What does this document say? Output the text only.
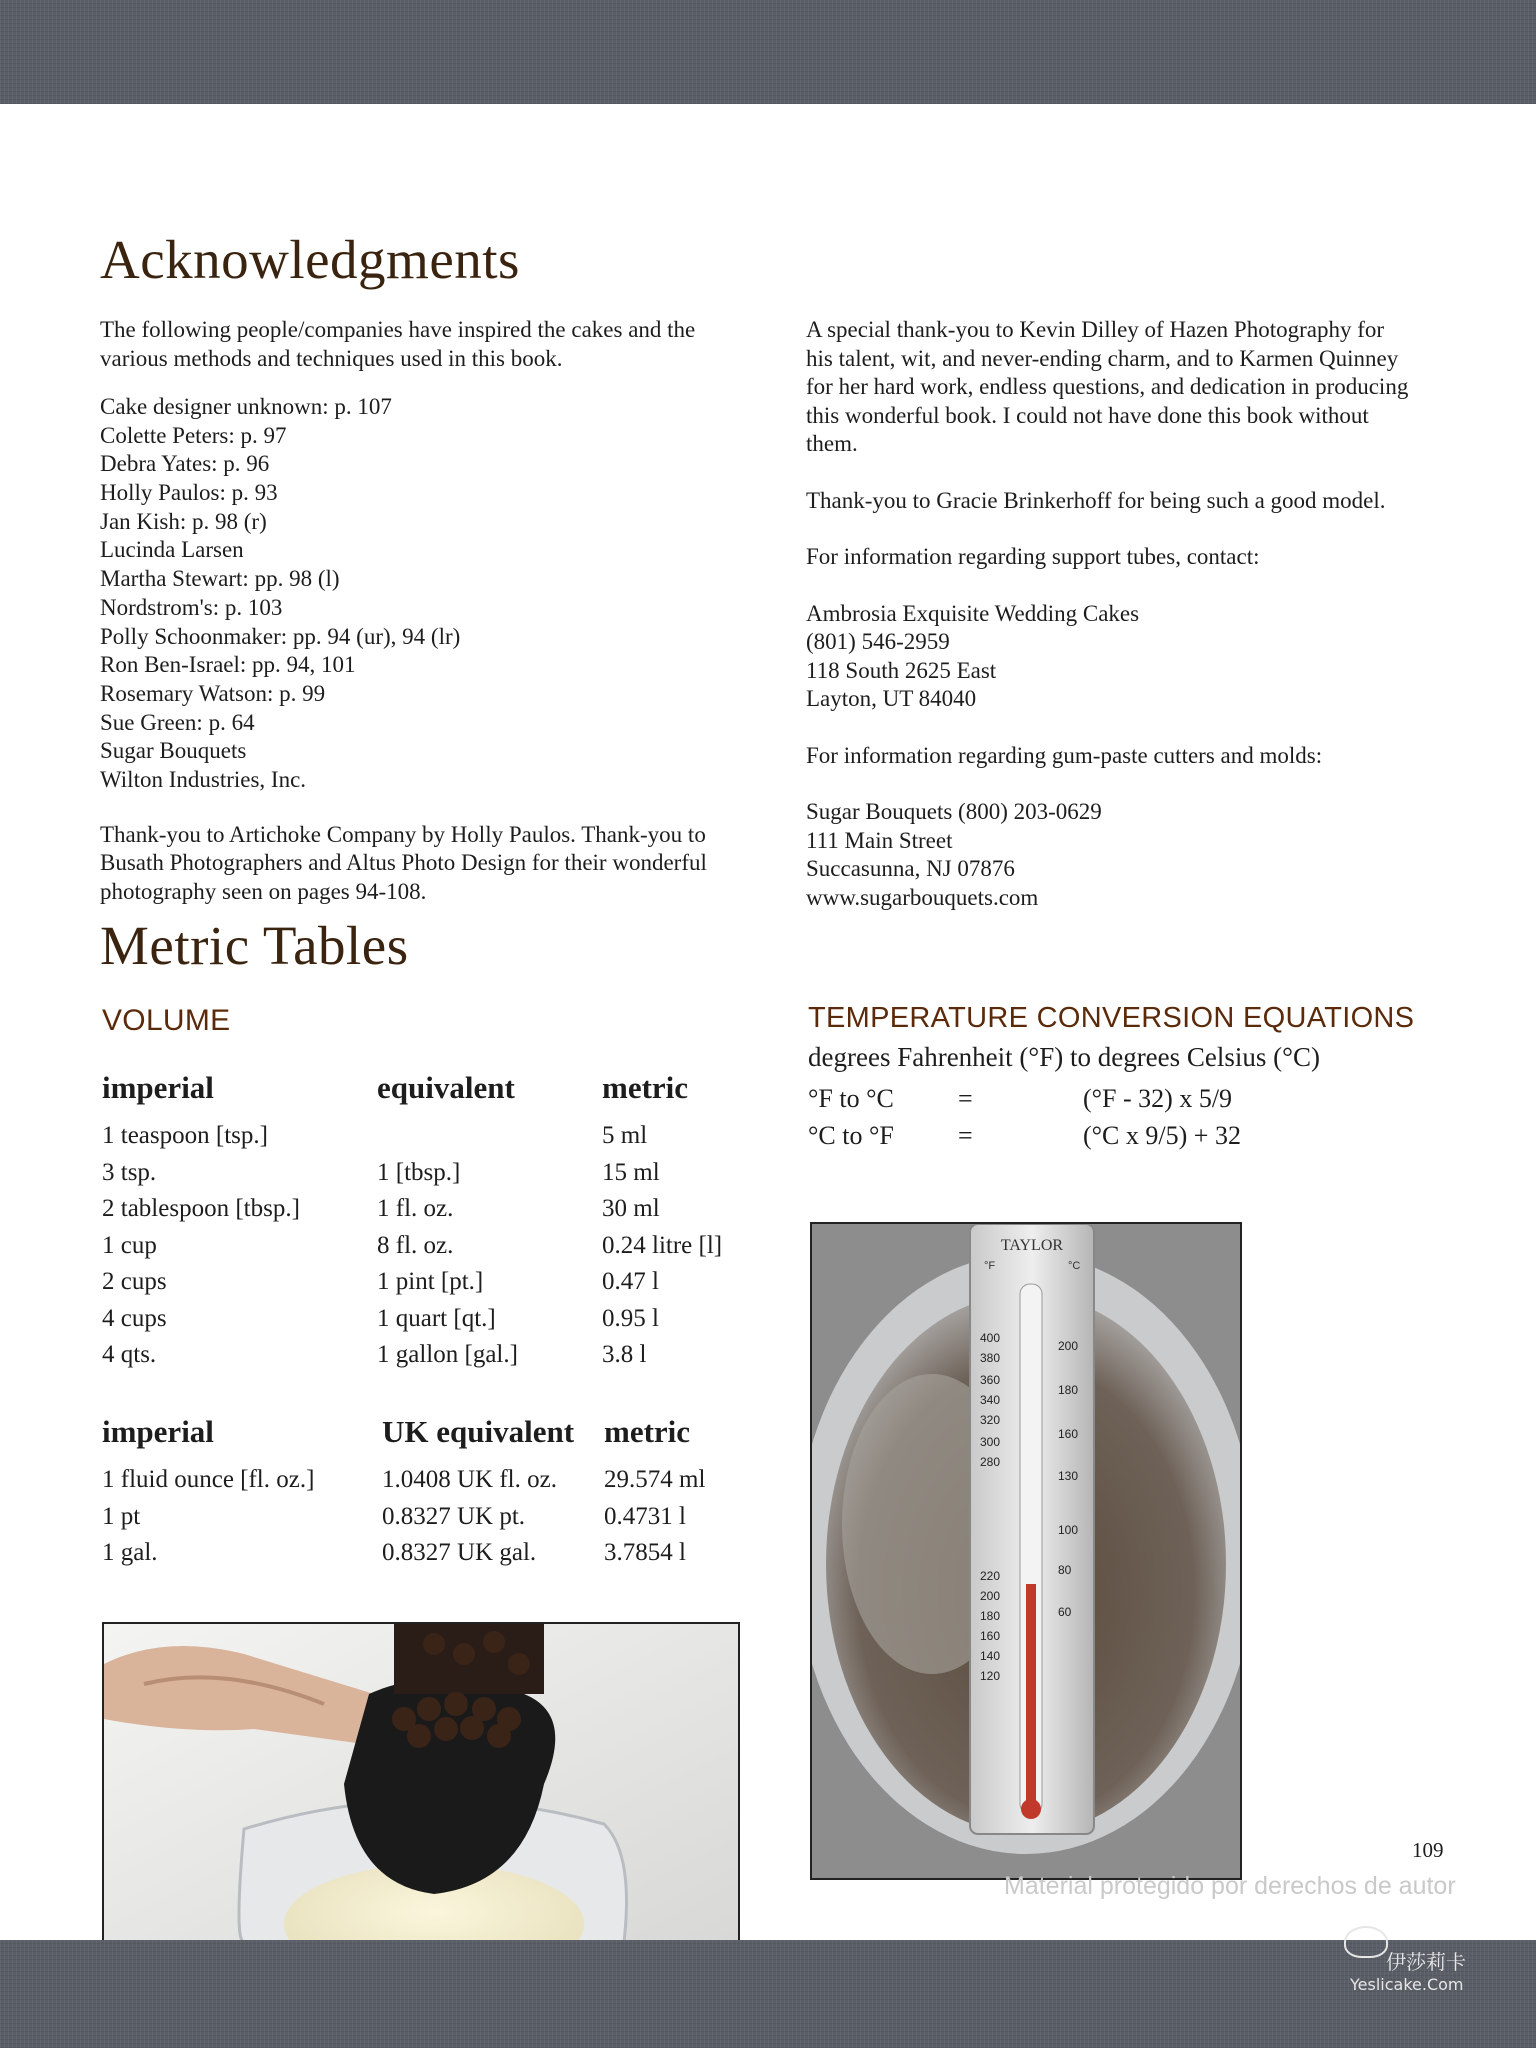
Acknowledgments

The following people/companies have inspired the cakes and the various methods and techniques used in this book.

Cake designer unknown: p. 107
Colette Peters: p. 97
Debra Yates: p. 96
Holly Paulos: p. 93
Jan Kish: p. 98 (r)
Lucinda Larsen
Martha Stewart: pp. 98 (l)
Nordstrom's: p. 103
Polly Schoonmaker: pp. 94 (ur), 94 (lr)
Ron Ben-Israel: pp. 94, 101
Rosemary Watson: p. 99
Sue Green: p. 64
Sugar Bouquets
Wilton Industries, Inc.

Thank-you to Artichoke Company by Holly Paulos. Thank-you to Busath Photographers and Altus Photo Design for their wonderful photography seen on pages 94-108.

A special thank-you to Kevin Dilley of Hazen Photography for his talent, wit, and never-ending charm, and to Karmen Quinney for her hard work, endless questions, and dedication in producing this wonderful book. I could not have done this book without them.

Thank-you to Gracie Brinkerhoff for being such a good model.

For information regarding support tubes, contact:

Ambrosia Exquisite Wedding Cakes
(801) 546-2959
118 South 2625 East
Layton, UT 84040

For information regarding gum-paste cutters and molds:

Sugar Bouquets (800) 203-0629
111 Main Street
Succasunna, NJ 07876
www.sugarbouquets.com
Metric Tables
VOLUME
imperial	equivalent	metric
1 teaspoon [tsp.]		5 ml
3 tsp.	1 [tbsp.]	15 ml
2 tablespoon [tbsp.]	1 fl. oz.	30 ml
1 cup	8 fl. oz.	0.24 litre [l]
2 cups	1 pint [pt.]	0.47 l
4 cups	1 quart [qt.]	0.95 l
4 qts.	1 gallon [gal.]	3.8 l
imperial	UK equivalent	metric
1 fluid ounce [fl. oz.]	1.0408 UK fl. oz.	29.574 ml
1 pt	0.8327 UK pt.	0.4731 l
1 gal.	0.8327 UK gal.	3.7854 l
TEMPERATURE CONVERSION EQUATIONS
degrees Fahrenheit (°F) to degrees Celsius (°C)
°F to °C	=	(°F - 32) x 5/9
°C to °F	=	(°C x 9/5) + 32
TAYLOR
°F	°C
400
380
360
340
320
300
280
220
200
180
160
140
120
200
180
160
130
100
80
60
109
Material protegido por derechos de autor
伊莎莉卡
Yeslicake.Com
